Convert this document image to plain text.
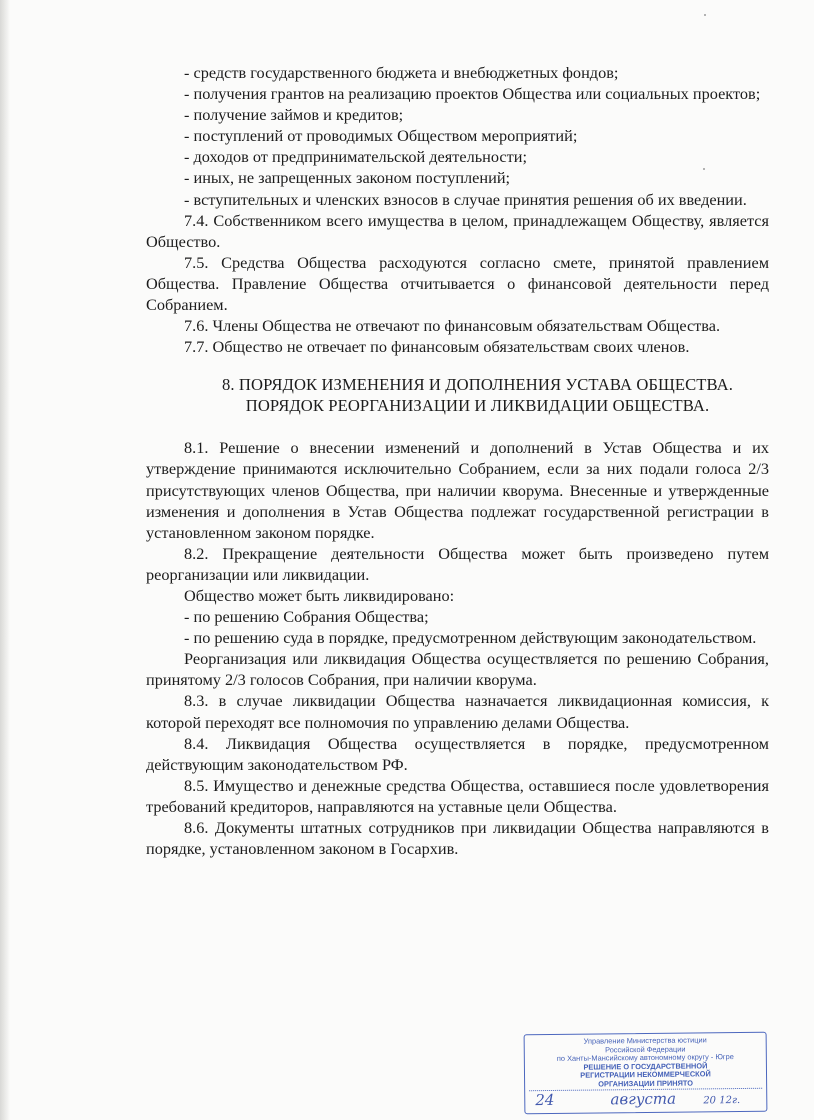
- средств государственного бюджета и внебюджетных фондов;

- получения грантов на реализацию проектов Общества или социальных проектов;

- получение займов и кредитов;

- поступлений от проводимых Обществом мероприятий;

- доходов от предпринимательской деятельности;

- иных, не запрещенных законом поступлений;

- вступительных и членских взносов в случае принятия решения об их введении.

7.4. Собственником всего имущества в целом, принадлежащем Обществу, является Общество.

7.5. Средства Общества расходуются согласно смете, принятой правлением Общества. Правление Общества отчитывается о финансовой деятельности перед Собранием.

7.6. Члены Общества не отвечают по финансовым обязательствам Общества.

7.7. Общество не отвечает по финансовым обязательствам своих членов.

8. ПОРЯДОК ИЗМЕНЕНИЯ И ДОПОЛНЕНИЯ УСТАВА ОБЩЕСТВА.
ПОРЯДОК РЕОРГАНИЗАЦИИ И ЛИКВИДАЦИИ ОБЩЕСТВА.

8.1. Решение о внесении изменений и дополнений в Устав Общества и их утверждение принимаются исключительно Собранием, если за них подали голоса 2/3 присутствующих членов Общества, при наличии кворума. Внесенные и утвержденные изменения и дополнения в Устав Общества подлежат государственной регистрации в установленном законом порядке.

8.2. Прекращение деятельности Общества может быть произведено путем реорганизации или ликвидации.

Общество может быть ликвидировано:

- по решению Собрания Общества;

- по решению суда в порядке, предусмотренном действующим законодательством.

Реорганизация или ликвидация Общества осуществляется по решению Собрания, принятому 2/3 голосов Собрания, при наличии кворума.

8.3. в случае ликвидации Общества назначается ликвидационная комиссия, к которой переходят все полномочия по управлению делами Общества.

8.4. Ликвидация Общества осуществляется в порядке, предусмотренном действующим законодательством РФ.

8.5. Имущество и денежные средства Общества, оставшиеся после удовлетворения требований кредиторов, направляются на уставные цели Общества.

8.6. Документы штатных сотрудников при ликвидации Общества направляются в порядке, установленном законом в Госархив.

Управление Министерства юстиции
Российской Федерации
по Ханты-Мансийскому автономному округу - Югре
РЕШЕНИЕ О ГОСУДАРСТВЕННОЙ
РЕГИСТРАЦИИ НЕКОММЕРЧЕСКОЙ
ОРГАНИЗАЦИИ ПРИНЯТО
24	августа	20 12г.
